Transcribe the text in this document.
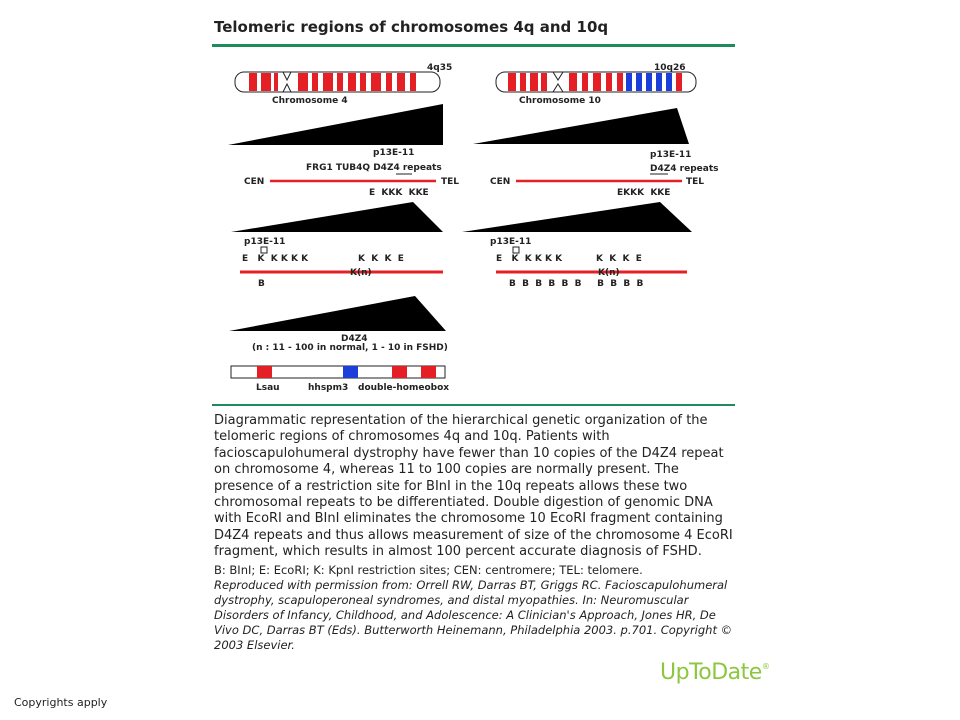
Telomeric regions of chromosomes 4q and 10q
4q35
Chromosome 4
p13E-11
FRG1 TUB4Q D4Z4 repeats
CEN	TEL
E  KKK  KKE
p13E-11
E   K  K K K K	K  K  K  E
K(n)
B
D4Z4
(n : 11 - 100 in normal, 1 - 10 in FSHD)
Lsau	hhspm3 double-homeobox
10q26
Chromosome 10
p13E-11
D4Z4 repeats
CEN	TEL
EKKK  KKE
p13E-11
E   K  K K K K	K  K  K  E
K(n)
B  B  B  B  B  B     B  B  B  B

Diagrammatic representation of the hierarchical genetic organization of the telomeric regions of chromosomes 4q and 10q. Patients with facioscapulohumeral dystrophy have fewer than 10 copies of the D4Z4 repeat on chromosome 4, whereas 11 to 100 copies are normally present. The presence of a restriction site for BInI in the 10q repeats allows these two chromosomal repeats to be differentiated. Double digestion of genomic DNA with EcoRI and BInI eliminates the chromosome 10 EcoRI fragment containing D4Z4 repeats and thus allows measurement of size of the chromosome 4 EcoRI fragment, which results in almost 100 percent accurate diagnosis of FSHD.

B: BInI; E: EcoRI; K: KpnI restriction sites; CEN: centromere; TEL: telomere.

Reproduced with permission from: Orrell RW, Darras BT, Griggs RC. Facioscapulohumeral dystrophy, scapuloperoneal syndromes, and distal myopathies. In: Neuromuscular Disorders of Infancy, Childhood, and Adolescence: A Clinician's Approach, Jones HR, De Vivo DC, Darras BT (Eds). Butterworth Heinemann, Philadelphia 2003. p.701. Copyright © 2003 Elsevier.

UpToDate®
Copyrights apply
